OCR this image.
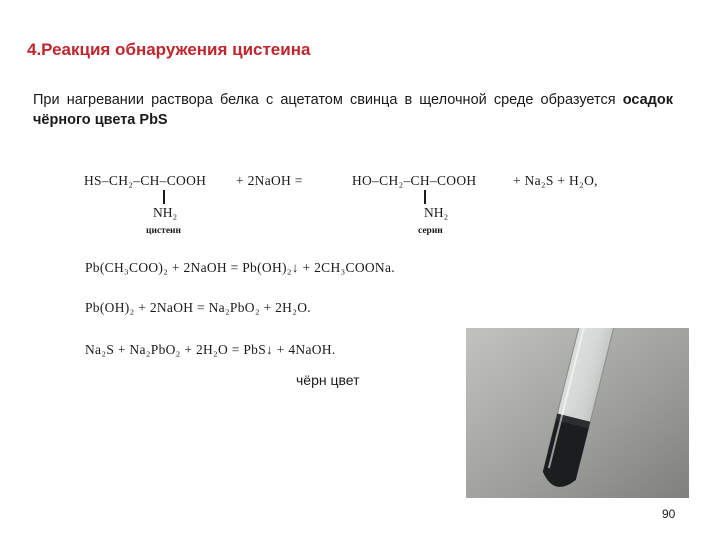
4.Реакция обнаружения цистеина
При нагревании раствора белка с ацетатом свинца в щелочной среде образуется осадок чёрного цвета PbS
HS–CH₂–CH–COOH + 2NaOH =	HO–CH₂–CH–COOH	+ Na₂S + H₂O,
NH₂	NH₂
цистеин	серин
Pb(CH₃COO)₂ + 2NaOH = Pb(OH)₂↓ + 2CH₃COONa.
Pb(OH)₂ + 2NaOH = Na₂PbO₂ + 2H₂O.
Na₂S + Na₂PbO₂ + 2H₂O = PbS↓ + 4NaOH.
чёрн цвет
90
